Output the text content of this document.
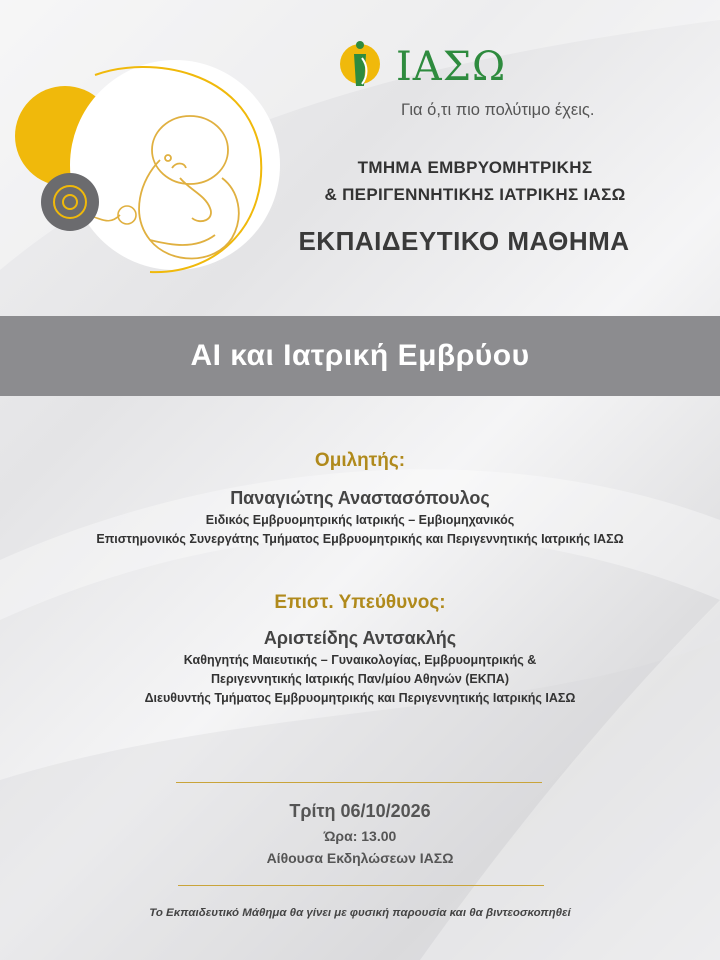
ΙΑΣΩ
Για ό,τι πιο πολύτιμο έχεις.
ΤΜΗΜΑ ΕΜΒΡΥΟΜΗΤΡΙΚΗΣ
& ΠΕΡΙΓΕΝΝΗΤΙΚΗΣ ΙΑΤΡΙΚΗΣ ΙΑΣΩ
ΕΚΠΑΙΔΕΥΤΙΚΟ ΜΑΘΗΜΑ
AI και Ιατρική Εμβρύου
Ομιλητής:
Παναγιώτης Αναστασόπουλος
Ειδικός Εμβρυομητρικής Ιατρικής – Εμβιομηχανικός
Επιστημονικός Συνεργάτης Τμήματος Εμβρυομητρικής και Περιγεννητικής Ιατρικής ΙΑΣΩ
Επιστ. Υπεύθυνος:
Αριστείδης Αντσακλής
Καθηγητής Μαιευτικής – Γυναικολογίας, Εμβρυομητρικής &
Περιγεννητικής Ιατρικής Παν/μίου Αθηνών (ΕΚΠΑ)
Διευθυντής Τμήματος Εμβρυομητρικής και Περιγεννητικής Ιατρικής ΙΑΣΩ
Τρίτη 06/10/2026
Ώρα: 13.00
Αίθουσα Εκδηλώσεων ΙΑΣΩ
Το Εκπαιδευτικό Μάθημα θα γίνει με φυσική παρουσία και θα βιντεοσκοπηθεί
